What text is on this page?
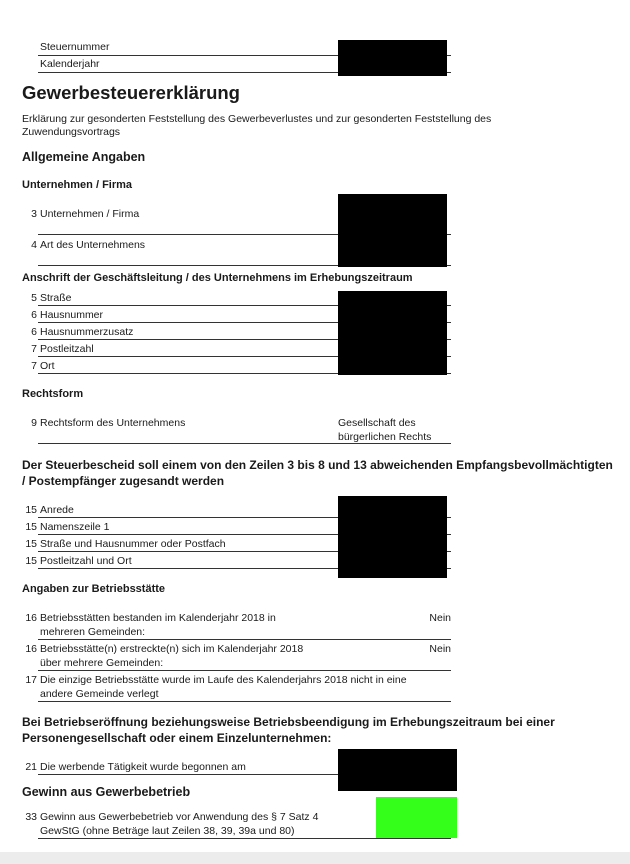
Steuernummer
Kalenderjahr
Gewerbesteuererklärung
Erklärung zur gesonderten Feststellung des Gewerbeverlustes und zur gesonderten Feststellung des
Zuwendungsvortrags
Allgemeine Angaben
Unternehmen / Firma
3 Unternehmen / Firma
4 Art des Unternehmens
Anschrift der Geschäftsleitung / des Unternehmens im Erhebungszeitraum
5 Straße
6 Hausnummer
6 Hausnummerzusatz
7 Postleitzahl
7 Ort
Rechtsform
9 Rechtsform des Unternehmens	Gesellschaft des
bürgerlichen Rechts
Der Steuerbescheid soll einem von den Zeilen 3 bis 8 und 13 abweichenden Empfangsbevollmächtigten
/ Postempfänger zugesandt werden
15 Anrede
15 Namenszeile 1
15 Straße und Hausnummer oder Postfach
15 Postleitzahl und Ort
Angaben zur Betriebsstätte
16 Betriebsstätten bestanden im Kalenderjahr 2018 in
mehreren Gemeinden:
Nein
16 Betriebsstätte(n) erstreckte(n) sich im Kalenderjahr 2018
über mehrere Gemeinden:
Nein
17 Die einzige Betriebsstätte wurde im Laufe des Kalenderjahrs 2018 nicht in eine
andere Gemeinde verlegt
Bei Betriebseröffnung beziehungsweise Betriebsbeendigung im Erhebungszeitraum bei einer
Personengesellschaft oder einem Einzelunternehmen:
21 Die werbende Tätigkeit wurde begonnen am
Gewinn aus Gewerbebetrieb
33 Gewinn aus Gewerbebetrieb vor Anwendung des § 7 Satz 4
GewStG (ohne Beträge laut Zeilen 38, 39, 39a und 80)
